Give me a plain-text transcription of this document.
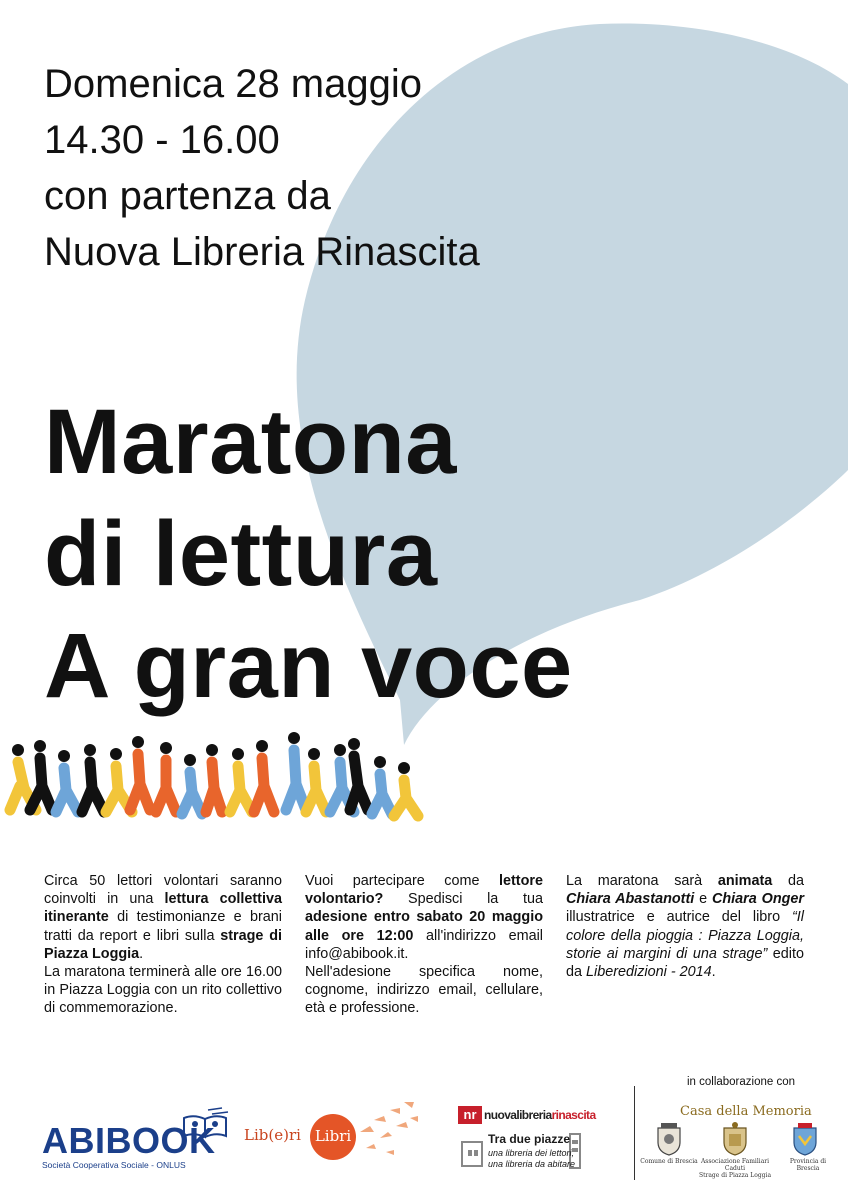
Domenica 28 maggio
14.30 - 16.00
con partenza da
Nuova Libreria Rinascita
Maratona
di lettura
A gran voce

Circa 50 lettori volontari saranno coinvolti in una lettura collettiva itinerante di testimonianze e brani tratti da report e libri sulla strage di Piazza Loggia.

La maratona terminerà alle ore 16.00 in Piazza Loggia con un rito collettivo di commemorazione.

Vuoi partecipare come lettore volontario? Spedisci la tua adesione entro sabato 20 maggio alle ore 12:00 all'indirizzo email info@abibook.it.

Nell'adesione specifica nome, cognome, indirizzo email, cellulare, età e professione.

La maratona sarà animata da Chiara Abastanotti e Chiara Onger illustratrice e autrice del libro “Il colore della pioggia : Piazza Loggia, storie ai margini di una strage” edito da Liberedizioni - 2014.

in collaborazione con
ABIBOOK
Società Cooperativa Sociale - ONLUS
Lib(e)ri Libri
nr nuovalibreriarinascita
Tra due piazze
una libreria dei lettori,
una libreria da abitare
Casa della Memoria
Comune di Brescia Associazione Familiari Caduti
Strage di Piazza Loggia
Provincia di Brescia
